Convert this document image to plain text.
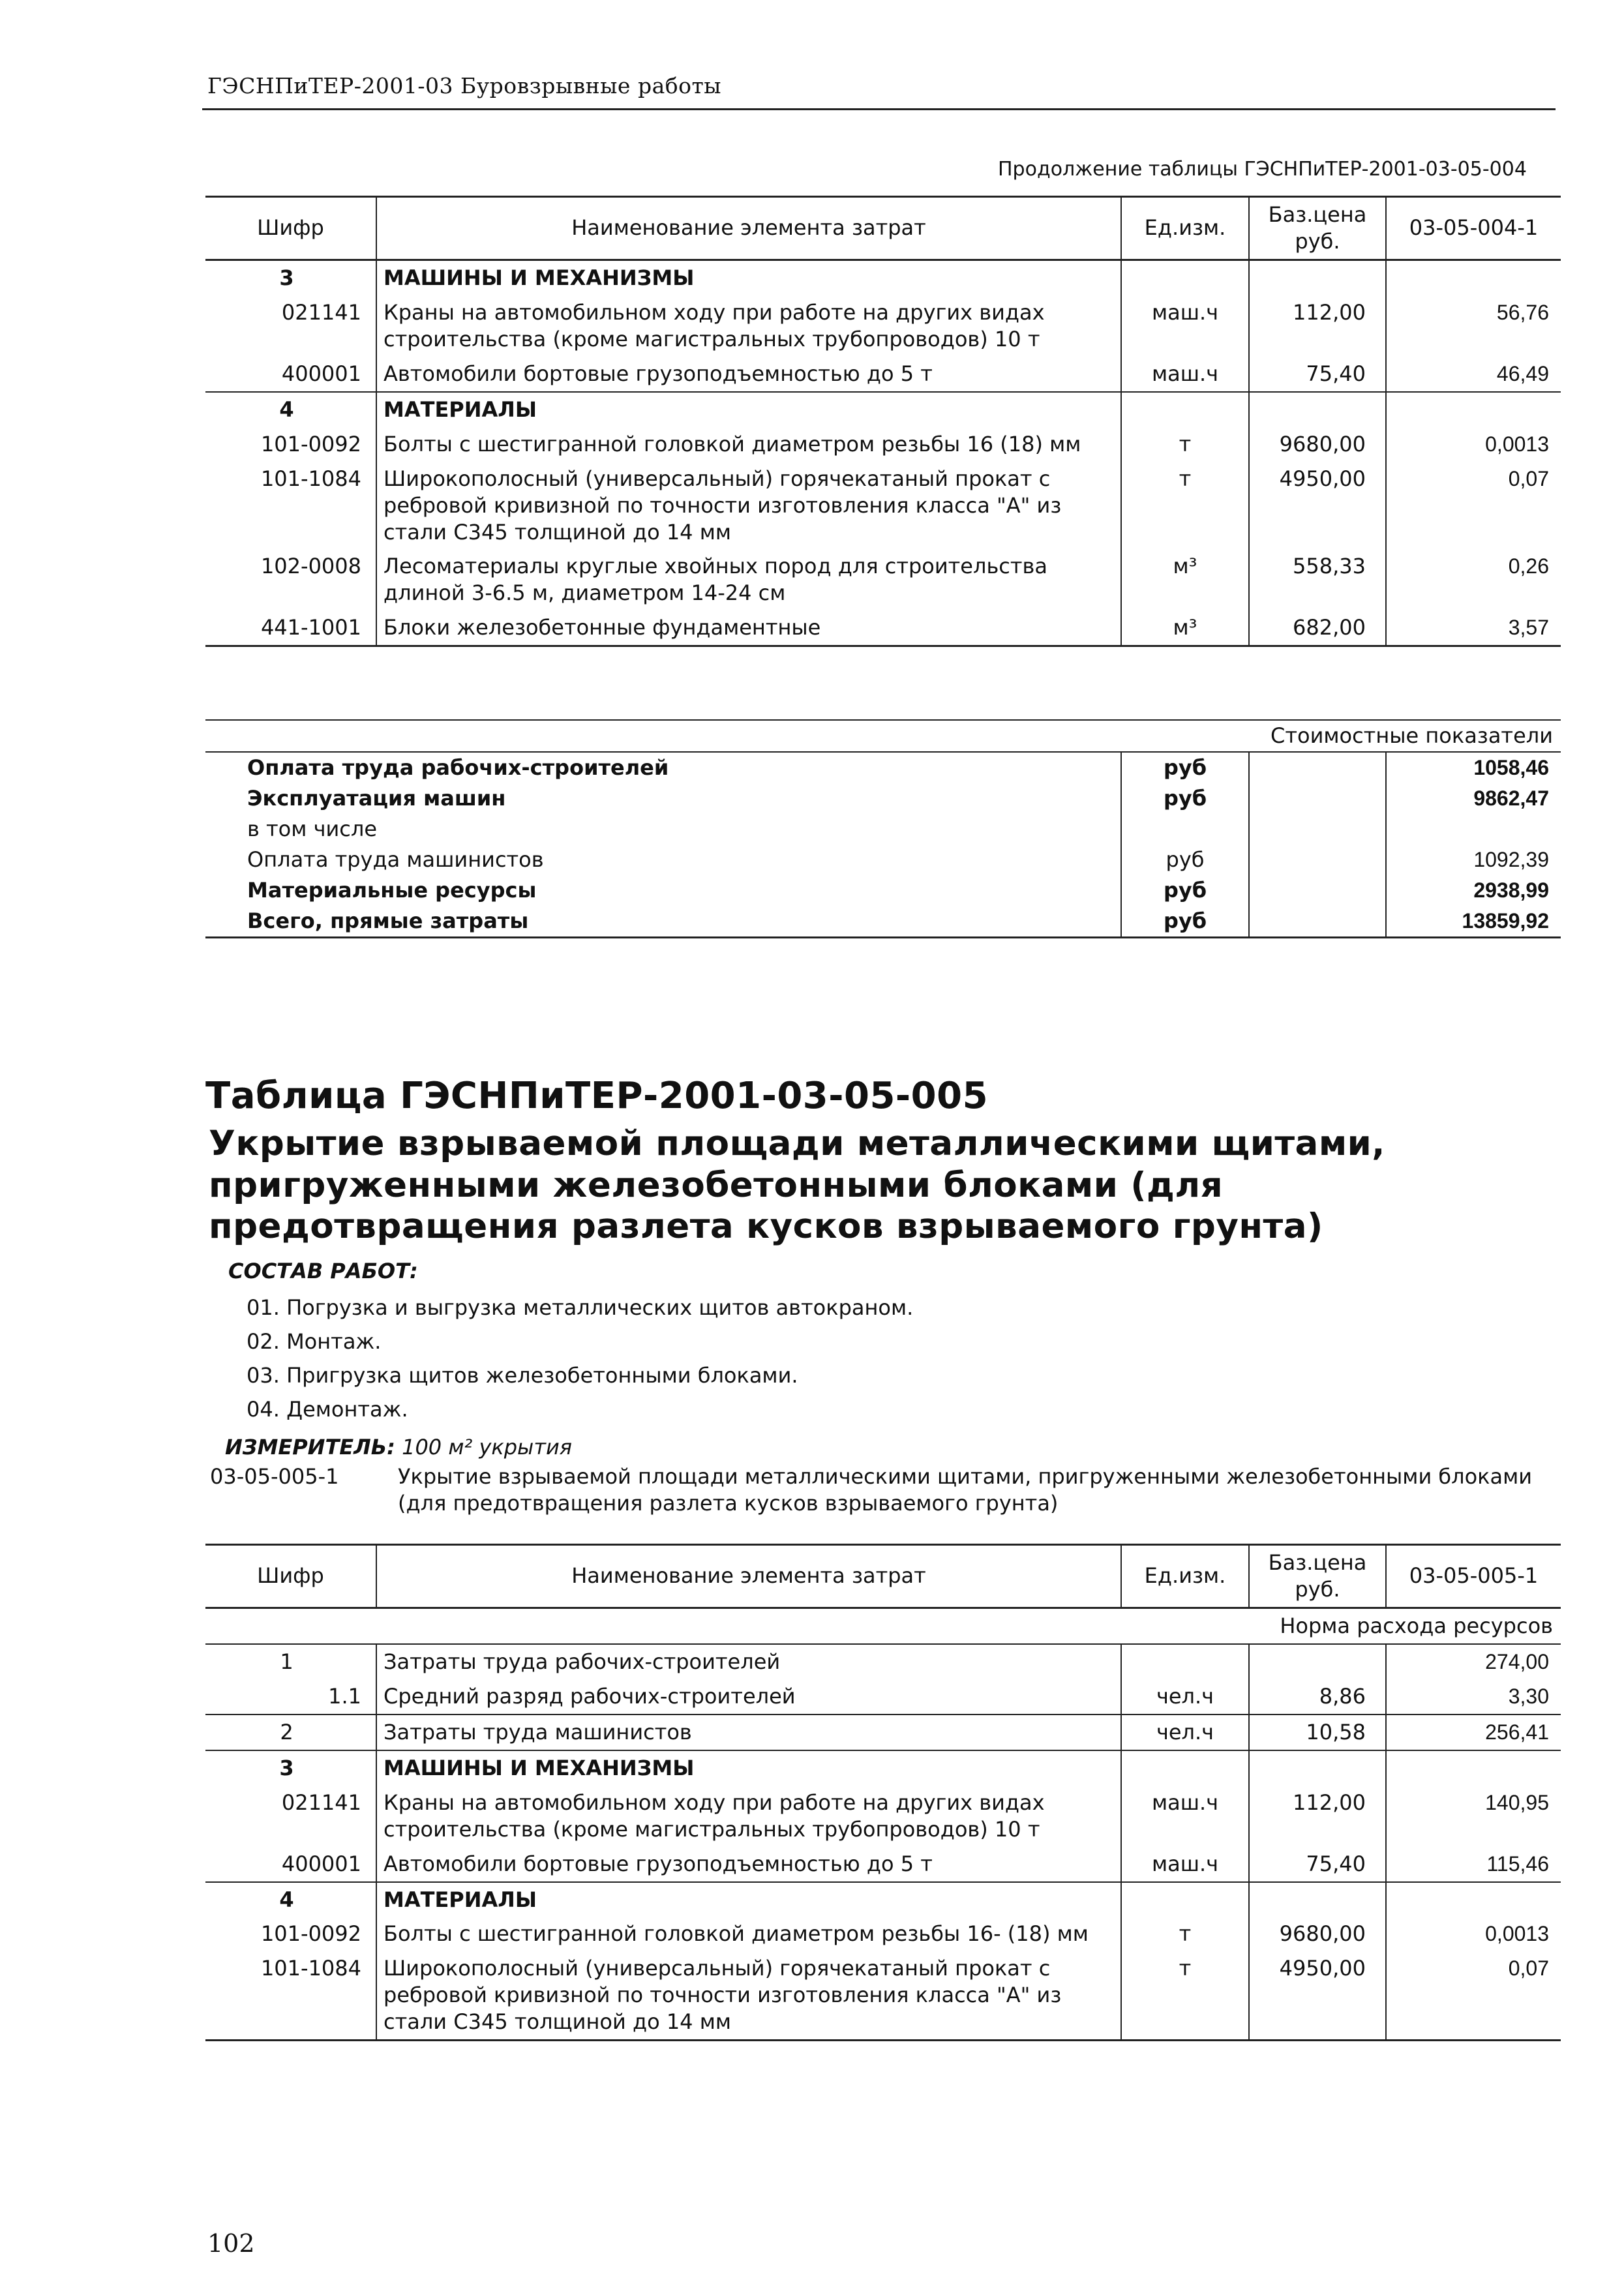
ГЭСНПиТЕР-2001-03 Буровзрывные работы
Продолжение таблицы ГЭСНПиТЕР-2001-03-05-004
Шифр	Наименование элемента затрат	Ед.изм.	Баз.цена руб.	03-05-004-1
3	МАШИНЫ И МЕХАНИЗМЫ			
021141	Краны на автомобильном ходу при работе на других видах строительства (кроме магистральных трубопроводов) 10 т	маш.ч	112,00	56,76
400001	Автомобили бортовые грузоподъемностью до 5 т	маш.ч	75,40	46,49
4	МАТЕРИАЛЫ			
101-0092	Болты с шестигранной головкой диаметром резьбы 16 (18) мм	т	9680,00	0,0013
101-1084	Широкополосный (универсальный) горячекатаный прокат с ребровой кривизной по точности изготовления класса "А" из стали С345 толщиной до 14 мм	т	4950,00	0,07
102-0008	Лесоматериалы круглые хвойных пород для строительства длиной 3-6.5 м, диаметром 14-24 см	м³	558,33	0,26
441-1001	Блоки железобетонные фундаментные	м³	682,00	3,57
Стоимостные показатели			
Оплата труда рабочих-строителей	руб		1058,46
Эксплуатация машин	руб		9862,47
в том числе			
Оплата труда машинистов	руб		1092,39
Материальные ресурсы	руб		2938,99
Всего, прямые затраты	руб		13859,92
Таблица ГЭСНПиТЕР-2001-03-05-005
Укрытие взрываемой площади металлическими щитами, пригруженными железобетонными блоками (для предотвращения разлета кусков взрываемого грунта)
СОСТАВ РАБОТ:
01. Погрузка и выгрузка металлических щитов автокраном.
02. Монтаж.
03. Пригрузка щитов железобетонными блоками.
04. Демонтаж.
ИЗМЕРИТЕЛЬ: 100 м² укрытия
03-05-005-1	Укрытие взрываемой площади металлическими щитами, пригруженными железобетонными блоками (для предотвращения разлета кусков взрываемого грунта)
Шифр	Наименование элемента затрат	Ед.изм.	Баз.цена руб.	03-05-005-1
Норма расхода ресурсов				
1	Затраты труда рабочих-строителей			274,00
1.1	Средний разряд рабочих-строителей	чел.ч	8,86	3,30
2	Затраты труда машинистов	чел.ч	10,58	256,41
3	МАШИНЫ И МЕХАНИЗМЫ			
021141	Краны на автомобильном ходу при работе на других видах строительства (кроме магистральных трубопроводов) 10 т	маш.ч	112,00	140,95
400001	Автомобили бортовые грузоподъемностью до 5 т	маш.ч	75,40	115,46
4	МАТЕРИАЛЫ			
101-0092	Болты с шестигранной головкой диаметром резьбы 16- (18) мм	т	9680,00	0,0013
101-1084	Широкополосный (универсальный) горячекатаный прокат с ребровой кривизной по точности изготовления класса "А" из стали С345 толщиной до 14 мм	т	4950,00	0,07
102
